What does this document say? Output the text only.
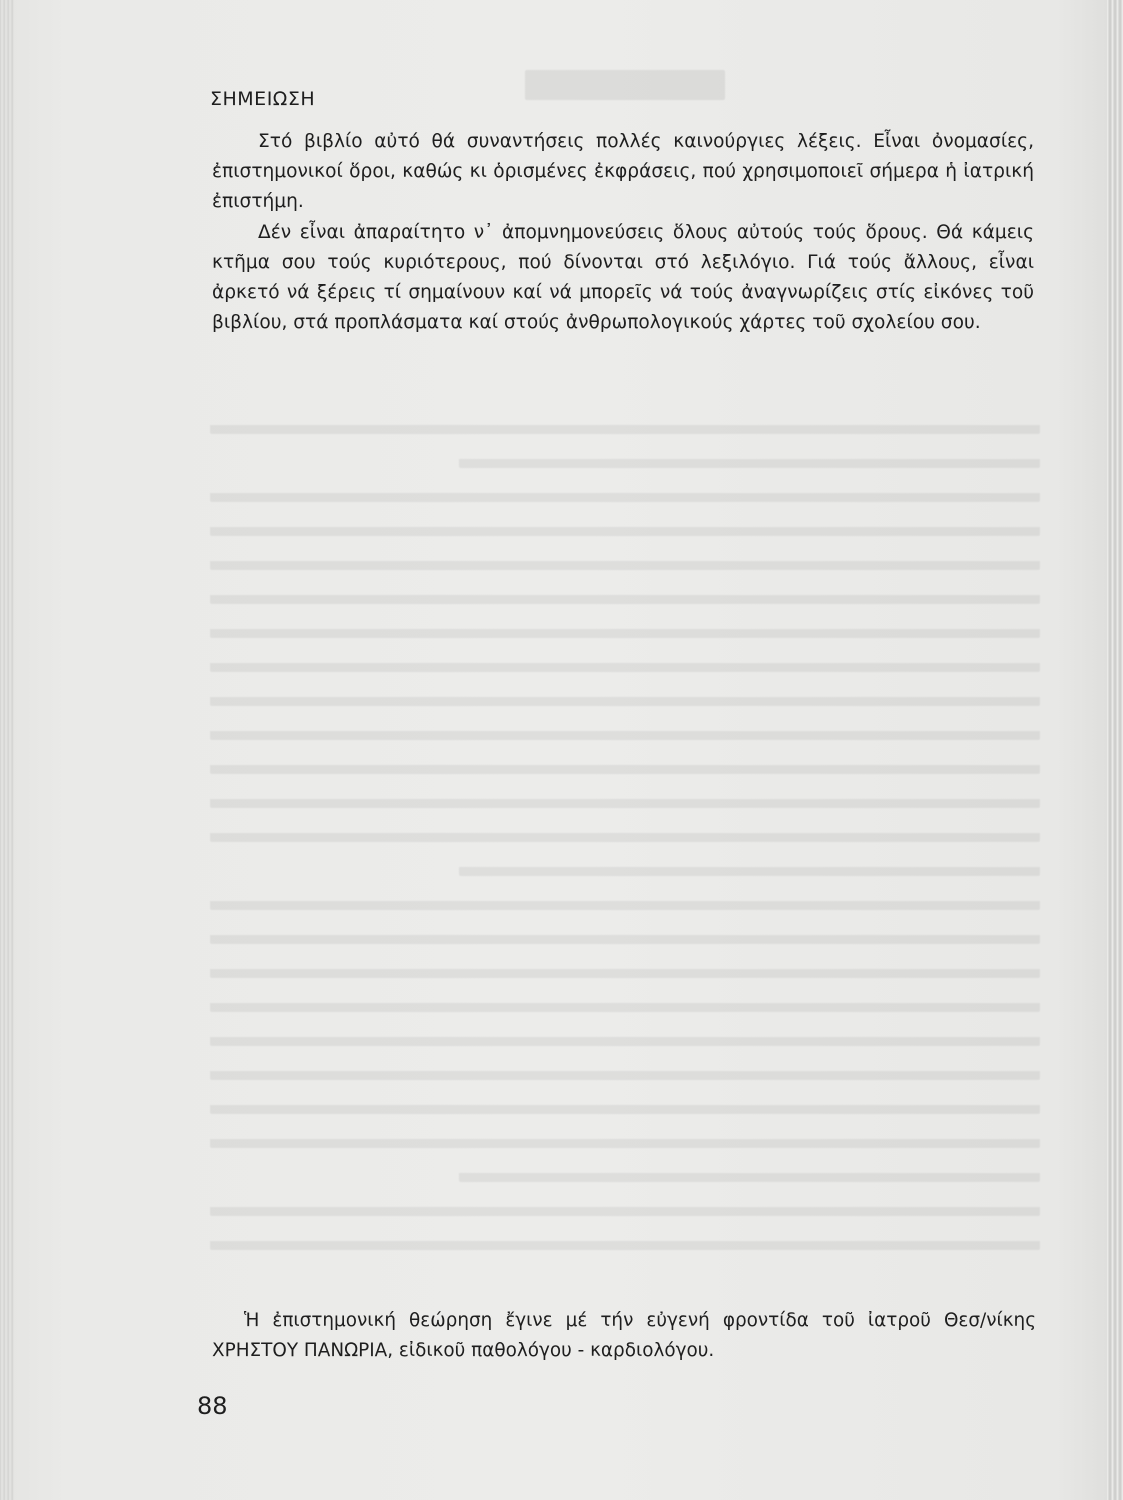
ΣΗΜΕΙΩΣΗ

Στό βιβλίο αὐτό θά συναντήσεις πολλές καινούργιες λέξεις. Εἶναι ὀνομασίες, ἐπιστημονικοί ὅροι, καθώς κι ὁρισμένες ἐκφράσεις, πού χρησιμοποιεῖ σήμερα ἡ ἰατρική ἐπιστήμη.

Δέν εἶναι ἀπαραίτητο ν᾽ ἀπομνημονεύσεις ὅλους αὐτούς τούς ὅρους. Θά κάμεις κτῆμα σου τούς κυριότερους, πού δίνονται στό λεξιλόγιο. Γιά τούς ἄλλους, εἶναι ἀρκετό νά ξέρεις τί σημαίνουν καί νά μπορεῖς νά τούς ἀναγνωρίζεις στίς εἰκόνες τοῦ βιβλίου, στά προπλάσματα καί στούς ἀνθρωπολογικούς χάρτες τοῦ σχολείου σου.

Ἡ ἐπιστημονική θεώρηση ἔγινε μέ τήν εὐγενή φροντίδα τοῦ ἰατροῦ Θεσ/νίκης ΧΡΗΣΤΟΥ ΠΑΝΩΡΙΑ, εἰδικοῦ παθολόγου - καρδιολόγου.

88
